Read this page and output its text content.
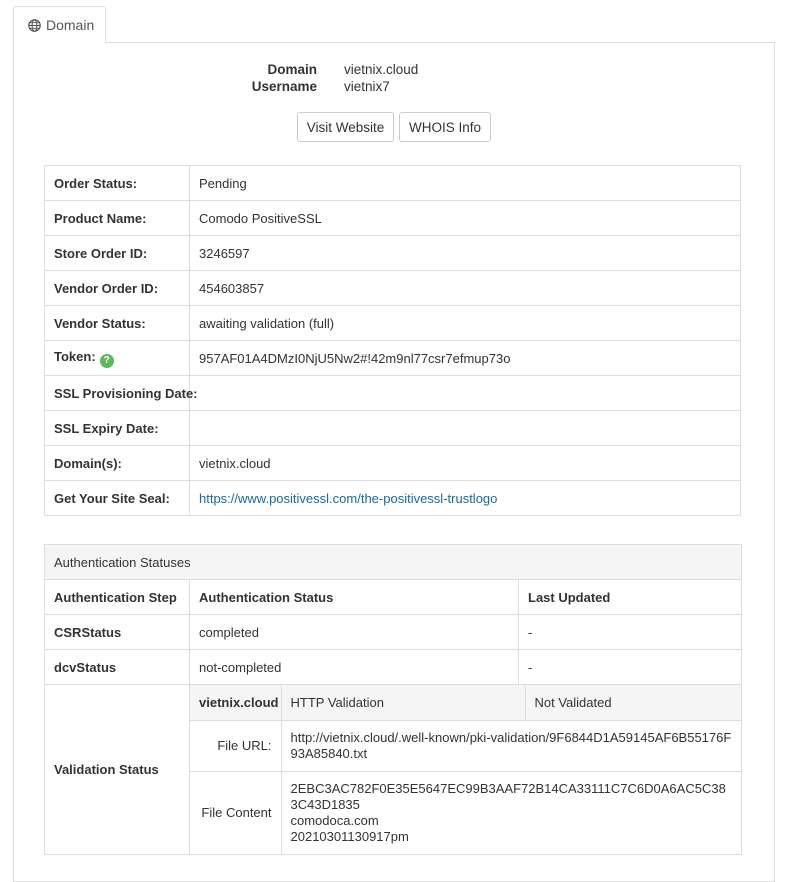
Domain
Domain vietnix.cloud
Username vietnix7
Visit Website	WHOIS Info
Order Status:	Pending
Product Name:	Comodo PositiveSSL
Store Order ID:	3246597
Vendor Order ID:	454603857
Vendor Status:	awaiting validation (full)
Token: ?	957AF01A4DMzI0NjU5Nw2#!42m9nl77csr7efmup73o
SSL Provisioning Date:	
SSL Expiry Date:	
Domain(s):	vietnix.cloud
Get Your Site Seal:	https://www.positivessl.com/the-positivessl-trustlogo
Authentication Statuses
Authentication Step	Authentication Status	Last Updated
CSRStatus	completed	-
dcvStatus	not-completed	-
Validation Status	
vietnix.cloud	HTTP Validation	Not Validated
File URL:	http://vietnix.cloud/.well-known/pki-validation/9F6844D1A59145AF6B55176F93A85840.txt
File Content	
2EBC3AC782F0E35E5647EC99B3AAF72B14CA33111C7C6D0A6AC5C383C43D1835
comodoca.com
20210301130917pm
